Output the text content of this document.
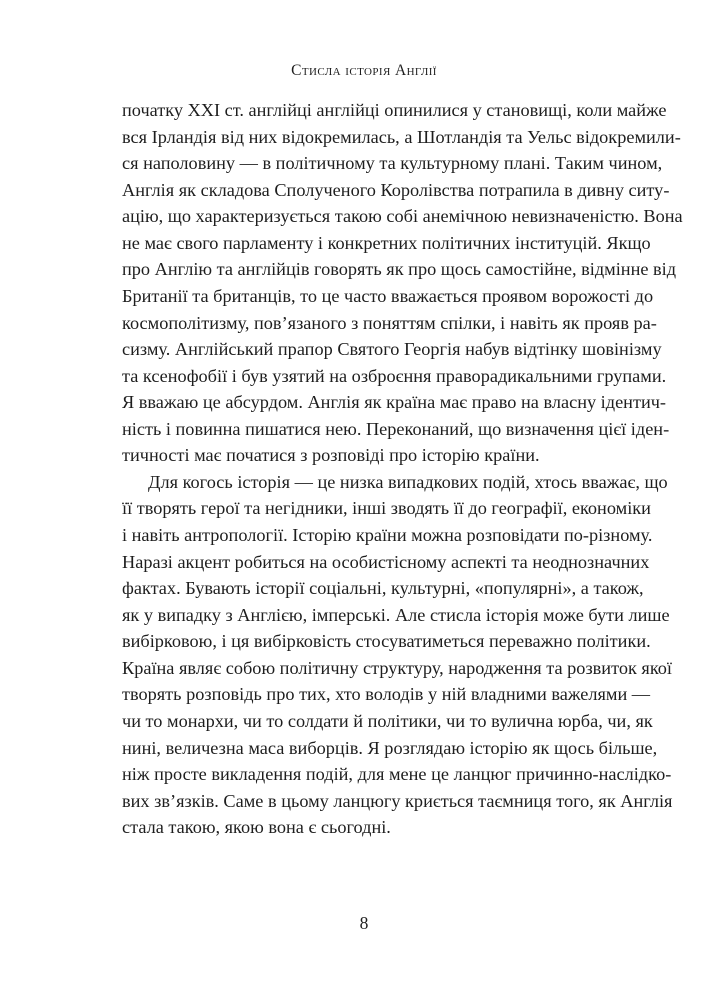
Стисла історія Англії
початку ХХІ ст. англійці англійці опинилися у становищі, коли майже
вся Ірландія від них відокремилась, а Шотландія та Уельс відокремили-
ся наполовину — в політичному та культурному плані. Таким чином,
Англія як складова Сполученого Королівства потрапила в дивну ситу-
ацію, що характеризується такою собі анемічною невизначеністю. Вона
не має свого парламенту і конкретних політичних інституцій. Якщо
про Англію та англійців говорять як про щось самостійне, відмінне від
Британії та британців, то це часто вважається проявом ворожості до
космополітизму, пов’язаного з поняттям спілки, і навіть як прояв ра-
сизму. Англійський прапор Святого Георгія набув відтінку шовінізму
та ксенофобії і був узятий на озброєння праворадикальними групами.
Я вважаю це абсурдом. Англія як країна має право на власну ідентич-
ність і повинна пишатися нею. Переконаний, що визначення цієї іден-
тичності має початися з розповіді про історію країни.
Для когось історія — це низка випадкових подій, хтось вважає, що
її творять герої та негідники, інші зводять її до географії, економіки
і навіть антропології. Історію країни можна розповідати по-різному.
Наразі акцент робиться на особистісному аспекті та неоднозначних
фактах. Бувають історії соціальні, культурні, «популярні», а також,
як у випадку з Англією, імперські. Але стисла історія може бути лише
вибірковою, і ця вибірковість стосуватиметься переважно політики.
Країна являє собою політичну структуру, народження та розвиток якої
творять розповідь про тих, хто володів у ній владними важелями —
чи то монархи, чи то солдати й політики, чи то вулична юрба, чи, як
нині, величезна маса виборців. Я розглядаю історію як щось більше,
ніж просте викладення подій, для мене це ланцюг причинно-наслідко-
вих зв’язків. Саме в цьому ланцюгу криється таємниця того, як Англія
стала такою, якою вона є сьогодні.
8
